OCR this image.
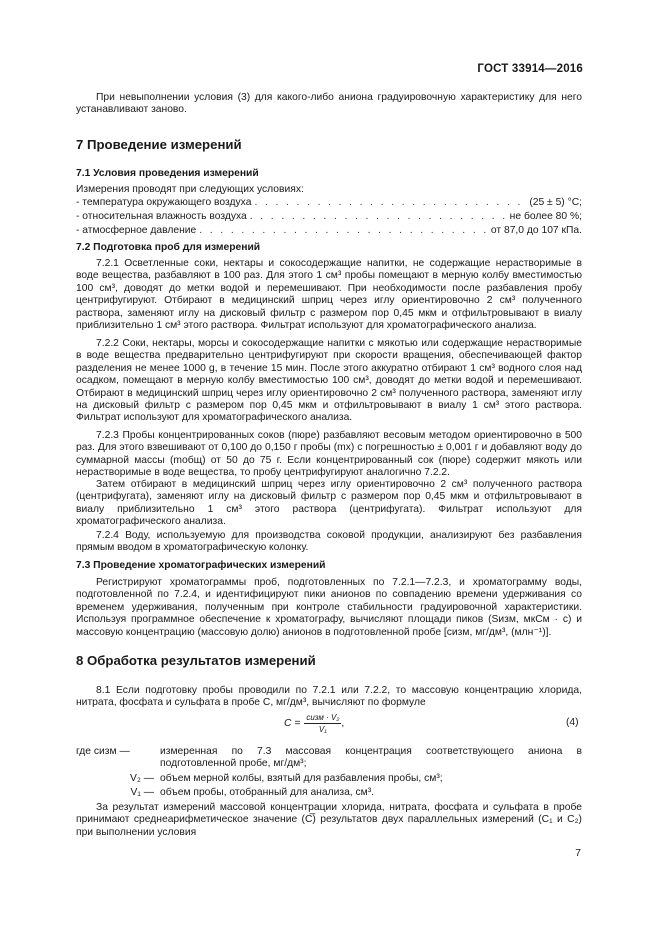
ГОСТ 33914—2016
При невыполнении условия (3) для какого-либо аниона градуировочную характеристику для него устанавливают заново.
7 Проведение измерений
7.1 Условия проведения измерений
Измерения проводят при следующих условиях:
- температура окружающего воздуха . . .	(25 ± 5) °С;
- относительная влажность воздуха . . .	не более 80 %;
- атмосферное давление . . .	от 87,0 до 107 кПа.
7.2 Подготовка проб для измерений
7.2.1 Осветленные соки, нектары и сокосодержащие напитки, не содержащие нерастворимые в воде вещества, разбавляют в 100 раз. Для этого 1 см³ пробы помещают в мерную колбу вместимостью 100 см³, доводят до метки водой и перемешивают. При необходимости после разбавления пробу центрифугируют. Отбирают в медицинский шприц через иглу ориентировочно 2 см³ полученного раствора, заменяют иглу на дисковый фильтр с размером пор 0,45 мкм и отфильтровывают в виалу приблизительно 1 см³ этого раствора. Фильтрат используют для хроматографического анализа.
7.2.2 Соки, нектары, морсы и сокосодержащие напитки с мякотью или содержащие нерастворимые в воде вещества предварительно центрифугируют при скорости вращения, обеспечивающей фактор разделения не менее 1000 g, в течение 15 мин. После этого аккуратно отбирают 1 см³ водного слоя над осадком, помещают в мерную колбу вместимостью 100 см³, доводят до метки водой и перемешивают. Отбирают в медицинский шприц через иглу ориентировочно 2 см³ полученного раствора, заменяют иглу на дисковый фильтр с размером пор 0,45 мкм и отфильтровывают в виалу 1 см³ этого раствора. Фильтрат используют для хроматографического анализа.
7.2.3 Пробы концентрированных соков (пюре) разбавляют весовым методом ориентировочно в 500 раз. Для этого взвешивают от 0,100 до 0,150 г пробы (mх) с погрешностью ± 0,001 г и добавляют воду до суммарной массы (mобщ) от 50 до 75 г. Если концентрированный сок (пюре) содержит мякоть или нерастворимые в воде вещества, то пробу центрифугируют аналогично 7.2.2.
Затем отбирают в медицинский шприц через иглу ориентировочно 2 см³ полученного раствора (центрифугата), заменяют иглу на дисковый фильтр с размером пор 0,45 мкм и отфильтровывают в виалу приблизительно 1 см³ этого раствора (центрифугата). Фильтрат используют для хроматографического анализа.
7.2.4 Воду, используемую для производства соковой продукции, анализируют без разбавления прямым вводом в хроматографическую колонку.
7.3 Проведение хроматографических измерений
Регистрируют хроматограммы проб, подготовленных по 7.2.1—7.2.3, и хроматограмму воды, подготовленной по 7.2.4, и идентифицируют пики анионов по совпадению времени удерживания со временем удерживания, полученным при контроле стабильности градуировочной характеристики. Используя программное обеспечение к хроматографу, вычисляют площади пиков (Sизм, мкСм · с) и массовую концентрацию (массовую долю) анионов в подготовленной пробе [сизм, мг/дм³, (млн⁻¹)].
8 Обработка результатов измерений
8.1 Если подготовку пробы проводили по 7.2.1 или 7.2.2, то массовую концентрацию хлорида, нитрата, фосфата и сульфата в пробе С, мг/дм³, вычисляют по формуле
$С = \frac{\text{сизм · V₂}}{\text{V₁}}$ ,	(4)
где сизм —	измеренная по 7.3 массовая концентрация соответствующего аниона в подготовленной пробе, мг/дм³;
V₂ — объем мерной колбы, взятый для разбавления пробы, см³;
V₁ — объем пробы, отобранный для анализа, см³.
За результат измерений массовой концентрации хлорида, нитрата, фосфата и сульфата в пробе принимают среднеарифметическое значение (С̅) результатов двух параллельных измерений (С₁ и С₂) при выполнении условия
7
